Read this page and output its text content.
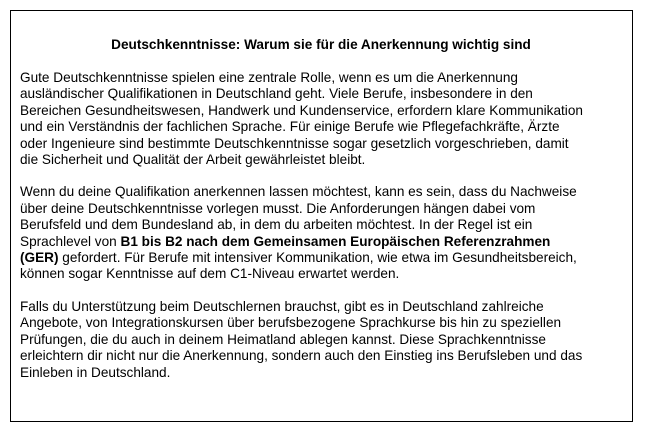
Deutschkenntnisse: Warum sie für die Anerkennung wichtig sind
Gute Deutschkenntnisse spielen eine zentrale Rolle, wenn es um die Anerkennung
ausländischer Qualifikationen in Deutschland geht. Viele Berufe, insbesondere in den
Bereichen Gesundheitswesen, Handwerk und Kundenservice, erfordern klare Kommunikation
und ein Verständnis der fachlichen Sprache. Für einige Berufe wie Pflegefachkräfte, Ärzte
oder Ingenieure sind bestimmte Deutschkenntnisse sogar gesetzlich vorgeschrieben, damit
die Sicherheit und Qualität der Arbeit gewährleistet bleibt.
Wenn du deine Qualifikation anerkennen lassen möchtest, kann es sein, dass du Nachweise
über deine Deutschkenntnisse vorlegen musst. Die Anforderungen hängen dabei vom
Berufsfeld und dem Bundesland ab, in dem du arbeiten möchtest. In der Regel ist ein
Sprachlevel von B1 bis B2 nach dem Gemeinsamen Europäischen Referenzrahmen
(GER) gefordert. Für Berufe mit intensiver Kommunikation, wie etwa im Gesundheitsbereich,
können sogar Kenntnisse auf dem C1-Niveau erwartet werden.
Falls du Unterstützung beim Deutschlernen brauchst, gibt es in Deutschland zahlreiche
Angebote, von Integrationskursen über berufsbezogene Sprachkurse bis hin zu speziellen
Prüfungen, die du auch in deinem Heimatland ablegen kannst. Diese Sprachkenntnisse
erleichtern dir nicht nur die Anerkennung, sondern auch den Einstieg ins Berufsleben und das
Einleben in Deutschland.
